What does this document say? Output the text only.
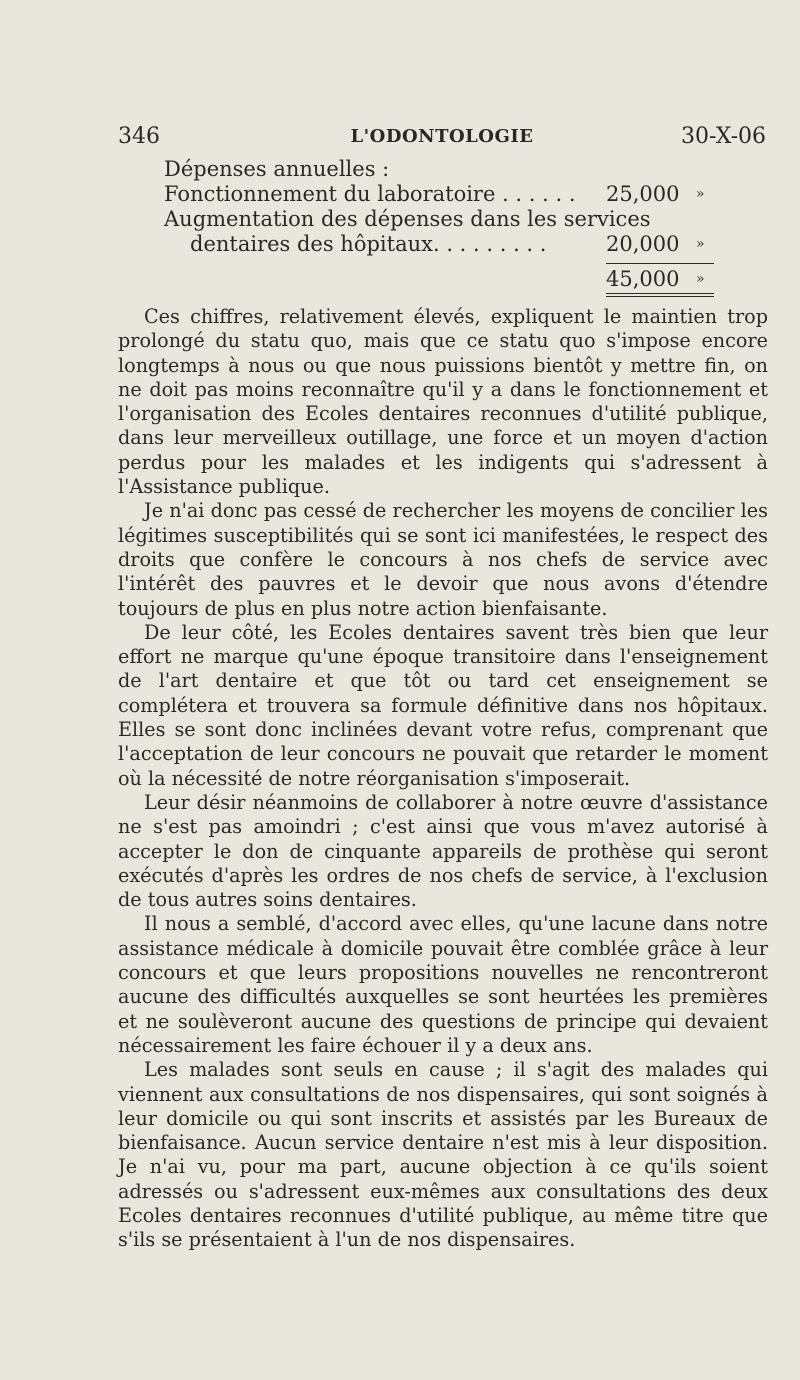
346	L'ODONTOLOGIE	30-X-06
Dépenses annuelles :
Fonctionnement du laboratoire . . . . . . 25,000 »
Augmentation des dépenses dans les services
dentaires des hôpitaux. . . . . . . . .	20,000 »
45,000 »

Ces chiffres, relativement élevés, expliquent le maintien trop prolongé du statu quo, mais que ce statu quo s'impose encore longtemps à nous ou que nous puissions bientôt y mettre fin, on ne doit pas moins reconnaître qu'il y a dans le fonctionnement et l'organisation des Ecoles dentaires reconnues d'utilité publique, dans leur merveilleux outillage, une force et un moyen d'action perdus pour les malades et les indigents qui s'adressent à l'Assistance publique.

Je n'ai donc pas cessé de rechercher les moyens de concilier les légitimes susceptibilités qui se sont ici manifestées, le respect des droits que confère le concours à nos chefs de service avec l'intérêt des pauvres et le devoir que nous avons d'étendre toujours de plus en plus notre action bienfaisante.

De leur côté, les Ecoles dentaires savent très bien que leur effort ne marque qu'une époque transitoire dans l'enseignement de l'art dentaire et que tôt ou tard cet enseignement se complétera et trouvera sa formule définitive dans nos hôpitaux. Elles se sont donc inclinées devant votre refus, comprenant que l'acceptation de leur concours ne pouvait que retarder le moment où la nécessité de notre réorganisation s'imposerait.

Leur désir néanmoins de collaborer à notre œuvre d'assistance ne s'est pas amoindri ; c'est ainsi que vous m'avez autorisé à accepter le don de cinquante appareils de prothèse qui seront exécutés d'après les ordres de nos chefs de service, à l'exclusion de tous autres soins dentaires.

Il nous a semblé, d'accord avec elles, qu'une lacune dans notre assistance médicale à domicile pouvait être comblée grâce à leur concours et que leurs propositions nouvelles ne rencontreront aucune des difficultés auxquelles se sont heurtées les premières et ne soulèveront aucune des questions de principe qui devaient nécessairement les faire échouer il y a deux ans.

Les malades sont seuls en cause ; il s'agit des malades qui viennent aux consultations de nos dispensaires, qui sont soignés à leur domicile ou qui sont inscrits et assistés par les Bureaux de bienfaisance. Aucun service dentaire n'est mis à leur disposition. Je n'ai vu, pour ma part, aucune objection à ce qu'ils soient adressés ou s'adressent eux-mêmes aux consultations des deux Ecoles dentaires reconnues d'utilité publique, au même titre que s'ils se présentaient à l'un de nos dispensaires.
